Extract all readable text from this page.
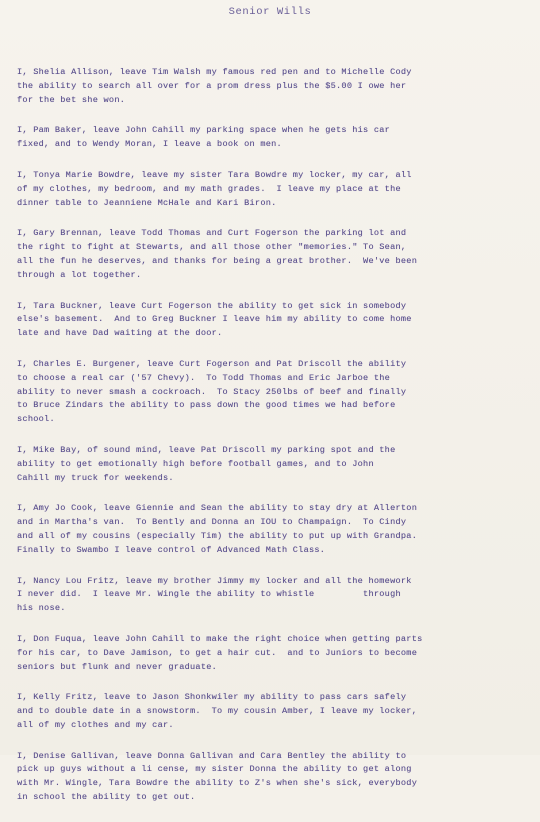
Senior Wills
I, Shelia Allison, leave Tim Walsh my famous red pen and to Michelle Cody
the ability to search all over for a prom dress plus the $5.00 I owe her
for the bet she won.
I, Pam Baker, leave John Cahill my parking space when he gets his car
fixed, and to Wendy Moran, I leave a book on men.
I, Tonya Marie Bowdre, leave my sister Tara Bowdre my locker, my car, all
of my clothes, my bedroom, and my math grades.  I leave my place at the
dinner table to Jeanniene McHale and Kari Biron.
I, Gary Brennan, leave Todd Thomas and Curt Fogerson the parking lot and
the right to fight at Stewarts, and all those other "memories." To Sean,
all the fun he deserves, and thanks for being a great brother.  We've been
through a lot together.
I, Tara Buckner, leave Curt Fogerson the ability to get sick in somebody
else's basement.  And to Greg Buckner I leave him my ability to come home
late and have Dad waiting at the door.
I, Charles E. Burgener, leave Curt Fogerson and Pat Driscoll the ability
to choose a real car ('57 Chevy).  To Todd Thomas and Eric Jarboe the
ability to never smash a cockroach.  To Stacy 250lbs of beef and finally
to Bruce Zindars the ability to pass down the good times we had before
school.
I, Mike Bay, of sound mind, leave Pat Driscoll my parking spot and the
ability to get emotionally high before football games, and to John
Cahill my truck for weekends.
I, Amy Jo Cook, leave Giennie and Sean the ability to stay dry at Allerton
and in Martha's van.  To Bently and Donna an IOU to Champaign.  To Cindy
and all of my cousins (especially Tim) the ability to put up with Grandpa.
Finally to Swambo I leave control of Advanced Math Class.
I, Nancy Lou Fritz, leave my brother Jimmy my locker and all the homework
I never did.  I leave Mr. Wingle the ability to whistle         through
his nose.
I, Don Fuqua, leave John Cahill to make the right choice when getting parts
for his car, to Dave Jamison, to get a hair cut.  and to Juniors to become
seniors but flunk and never graduate.
I, Kelly Fritz, leave to Jason Shonkwiler my ability to pass cars safely
and to double date in a snowstorm.  To my cousin Amber, I leave my locker,
all of my clothes and my car.
I, Denise Gallivan, leave Donna Gallivan and Cara Bentley the ability to
pick up guys without a li cense, my sister Donna the ability to get along
with Mr. Wingle, Tara Bowdre the ability to Z's when she's sick, everybody
in school the ability to get out.
